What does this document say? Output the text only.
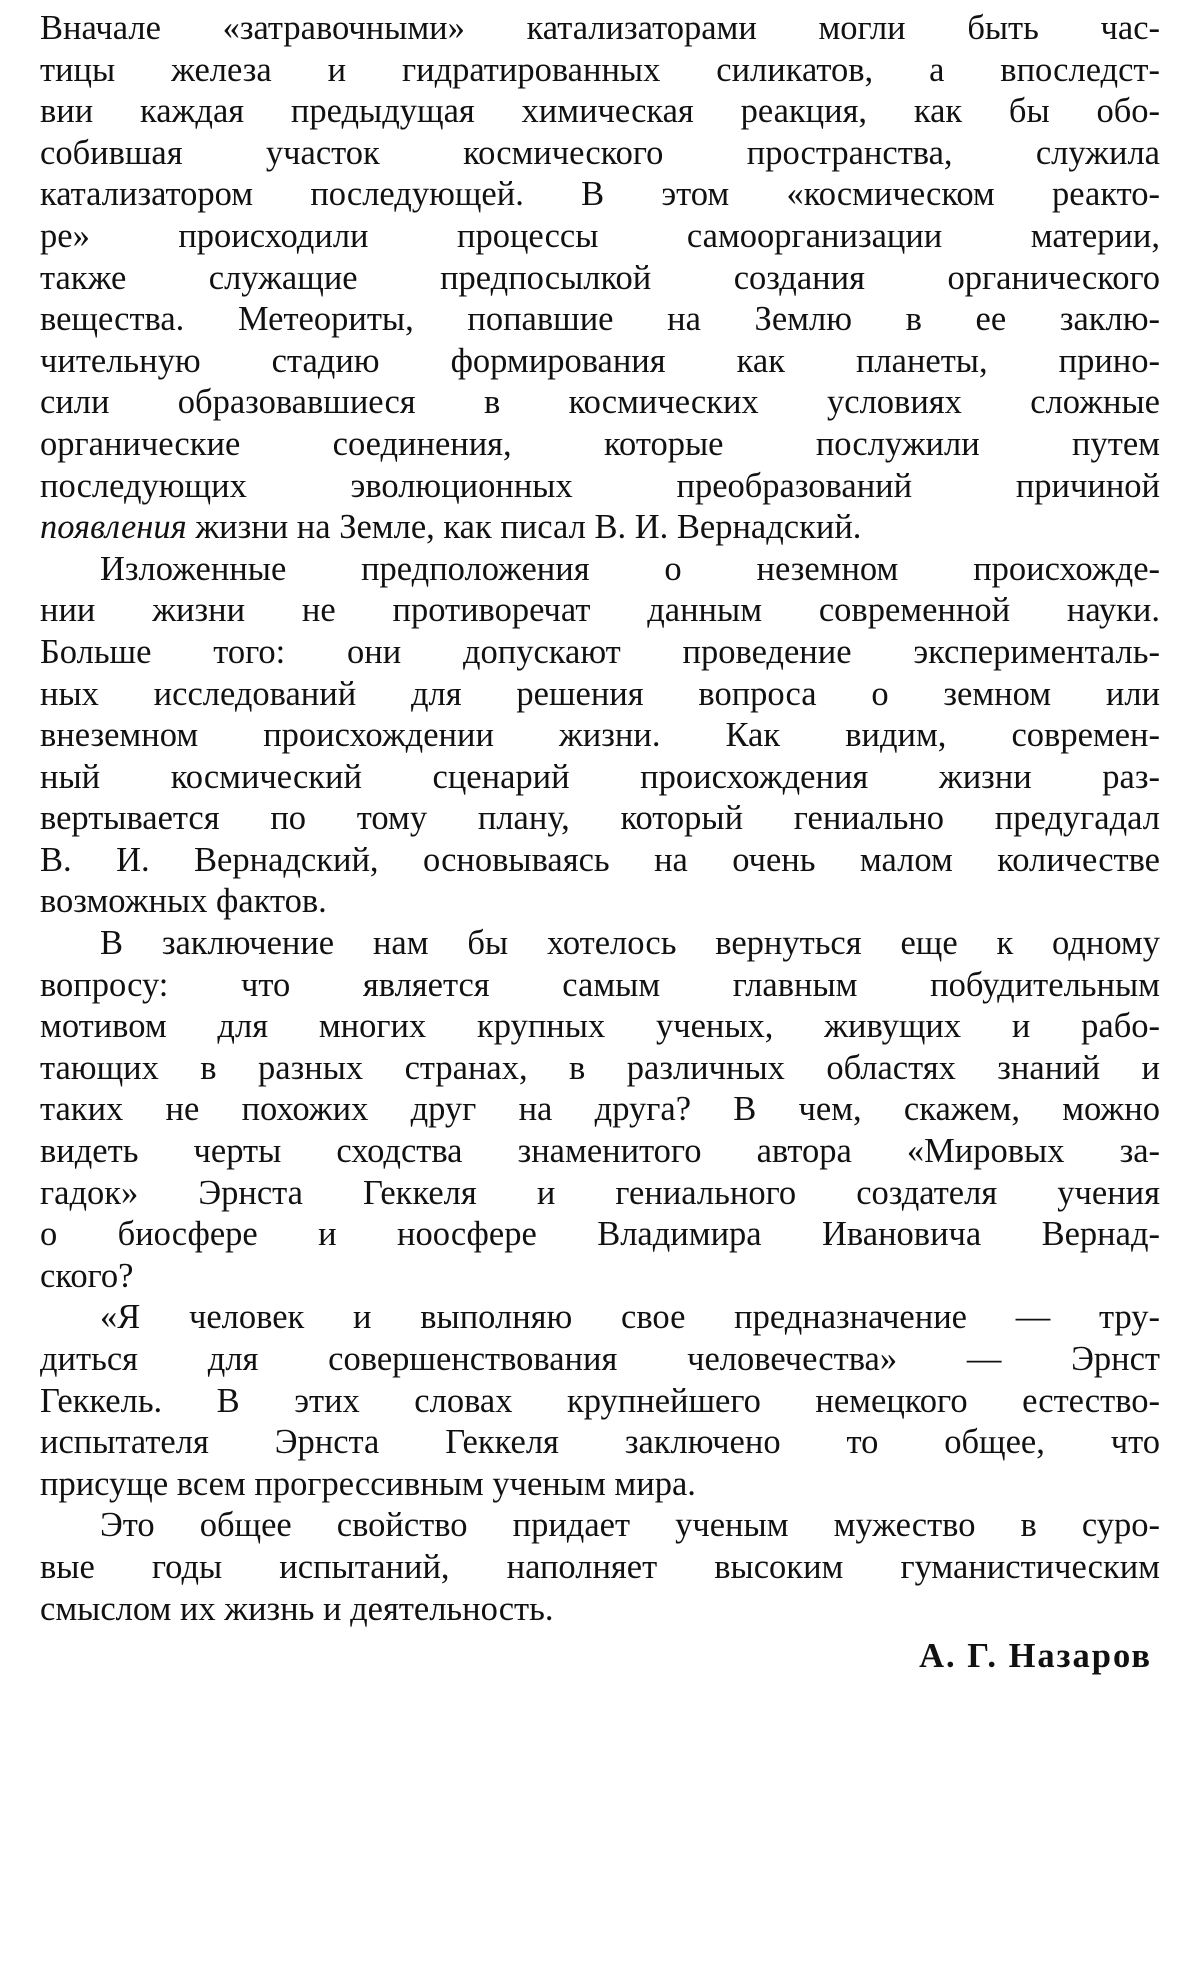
Вначале «затравочными» катализаторами могли быть час-
тицы железа и гидратированных силикатов, а впоследст-
вии каждая предыдущая химическая реакция, как бы обо-
собившая участок космического пространства, служила
катализатором последующей. В этом «космическом реакто-
ре» происходили процессы самоорганизации материи,
также служащие предпосылкой создания органического
вещества. Метеориты, попавшие на Землю в ее заклю-
чительную стадию формирования как планеты, прино-
сили образовавшиеся в космических условиях сложные
органические соединения, которые послужили путем
последующих эволюционных преобразований причиной
появления жизни на Земле, как писал В. И. Вернадский.

Изложенные предположения о неземном происхожде-
нии жизни не противоречат данным современной науки.
Больше того: они допускают проведение эксперименталь-
ных исследований для решения вопроса о земном или
внеземном происхождении жизни. Как видим, современ-
ный космический сценарий происхождения жизни раз-
вертывается по тому плану, который гениально предугадал
В. И. Вернадский, основываясь на очень малом количестве
возможных фактов.

В заключение нам бы хотелось вернуться еще к одному
вопросу: что является самым главным побудительным
мотивом для многих крупных ученых, живущих и рабо-
тающих в разных странах, в различных областях знаний и
таких не похожих друг на друга? В чем, скажем, можно
видеть черты сходства знаменитого автора «Мировых за-
гадок» Эрнста Геккеля и гениального создателя учения
о биосфере и ноосфере Владимира Ивановича Вернад-
ского?

«Я человек и выполняю свое предназначение — тру-
диться для совершенствования человечества» — Эрнст
Геккель. В этих словах крупнейшего немецкого естество-
испытателя Эрнста Геккеля заключено то общее, что
присуще всем прогрессивным ученым мира.

Это общее свойство придает ученым мужество в суро-
вые годы испытаний, наполняет высоким гуманистическим
смыслом их жизнь и деятельность.

А. Г. Назаров
